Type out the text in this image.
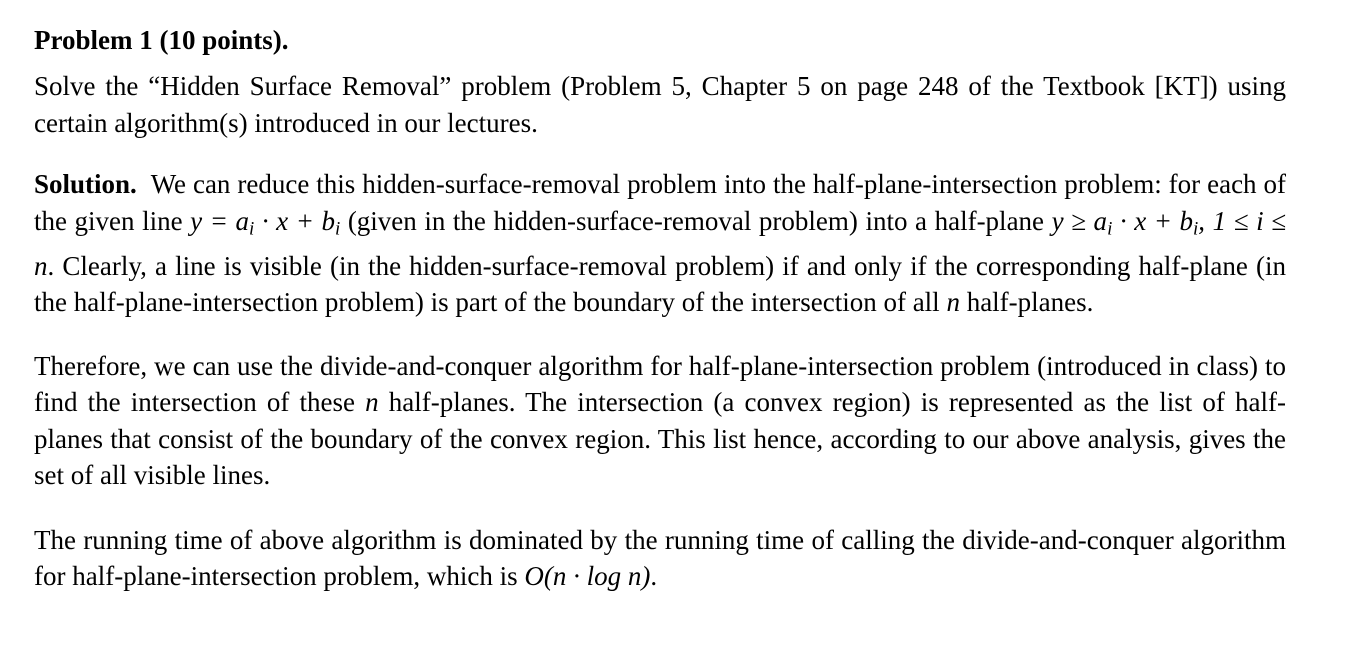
Problem 1 (10 points).

Solve the “Hidden Surface Removal” problem (Problem 5, Chapter 5 on page 248 of the Textbook [KT]) using certain algorithm(s) introduced in our lectures.

Solution. We can reduce this hidden-surface-removal problem into the half-plane-intersection problem: for each of the given line $y = a_i \cdot x + b_i$ (given in the hidden-surface-removal problem) into a half-plane $y \ge a_i \cdot x + b_i$, 1 ≤ i ≤ n. Clearly, a line is visible (in the hidden-surface-removal problem) if and only if the corresponding half-plane (in the half-plane-intersection problem) is part of the boundary of the intersection of all n half-planes.

Therefore, we can use the divide-and-conquer algorithm for half-plane-intersection problem (introduced in class) to find the intersection of these n half-planes. The intersection (a convex region) is represented as the list of half-planes that consist of the boundary of the convex region. This list hence, according to our above analysis, gives the set of all visible lines.

The running time of above algorithm is dominated by the running time of calling the divide-and-conquer algorithm for half-plane-intersection problem, which is O(n · log n).
